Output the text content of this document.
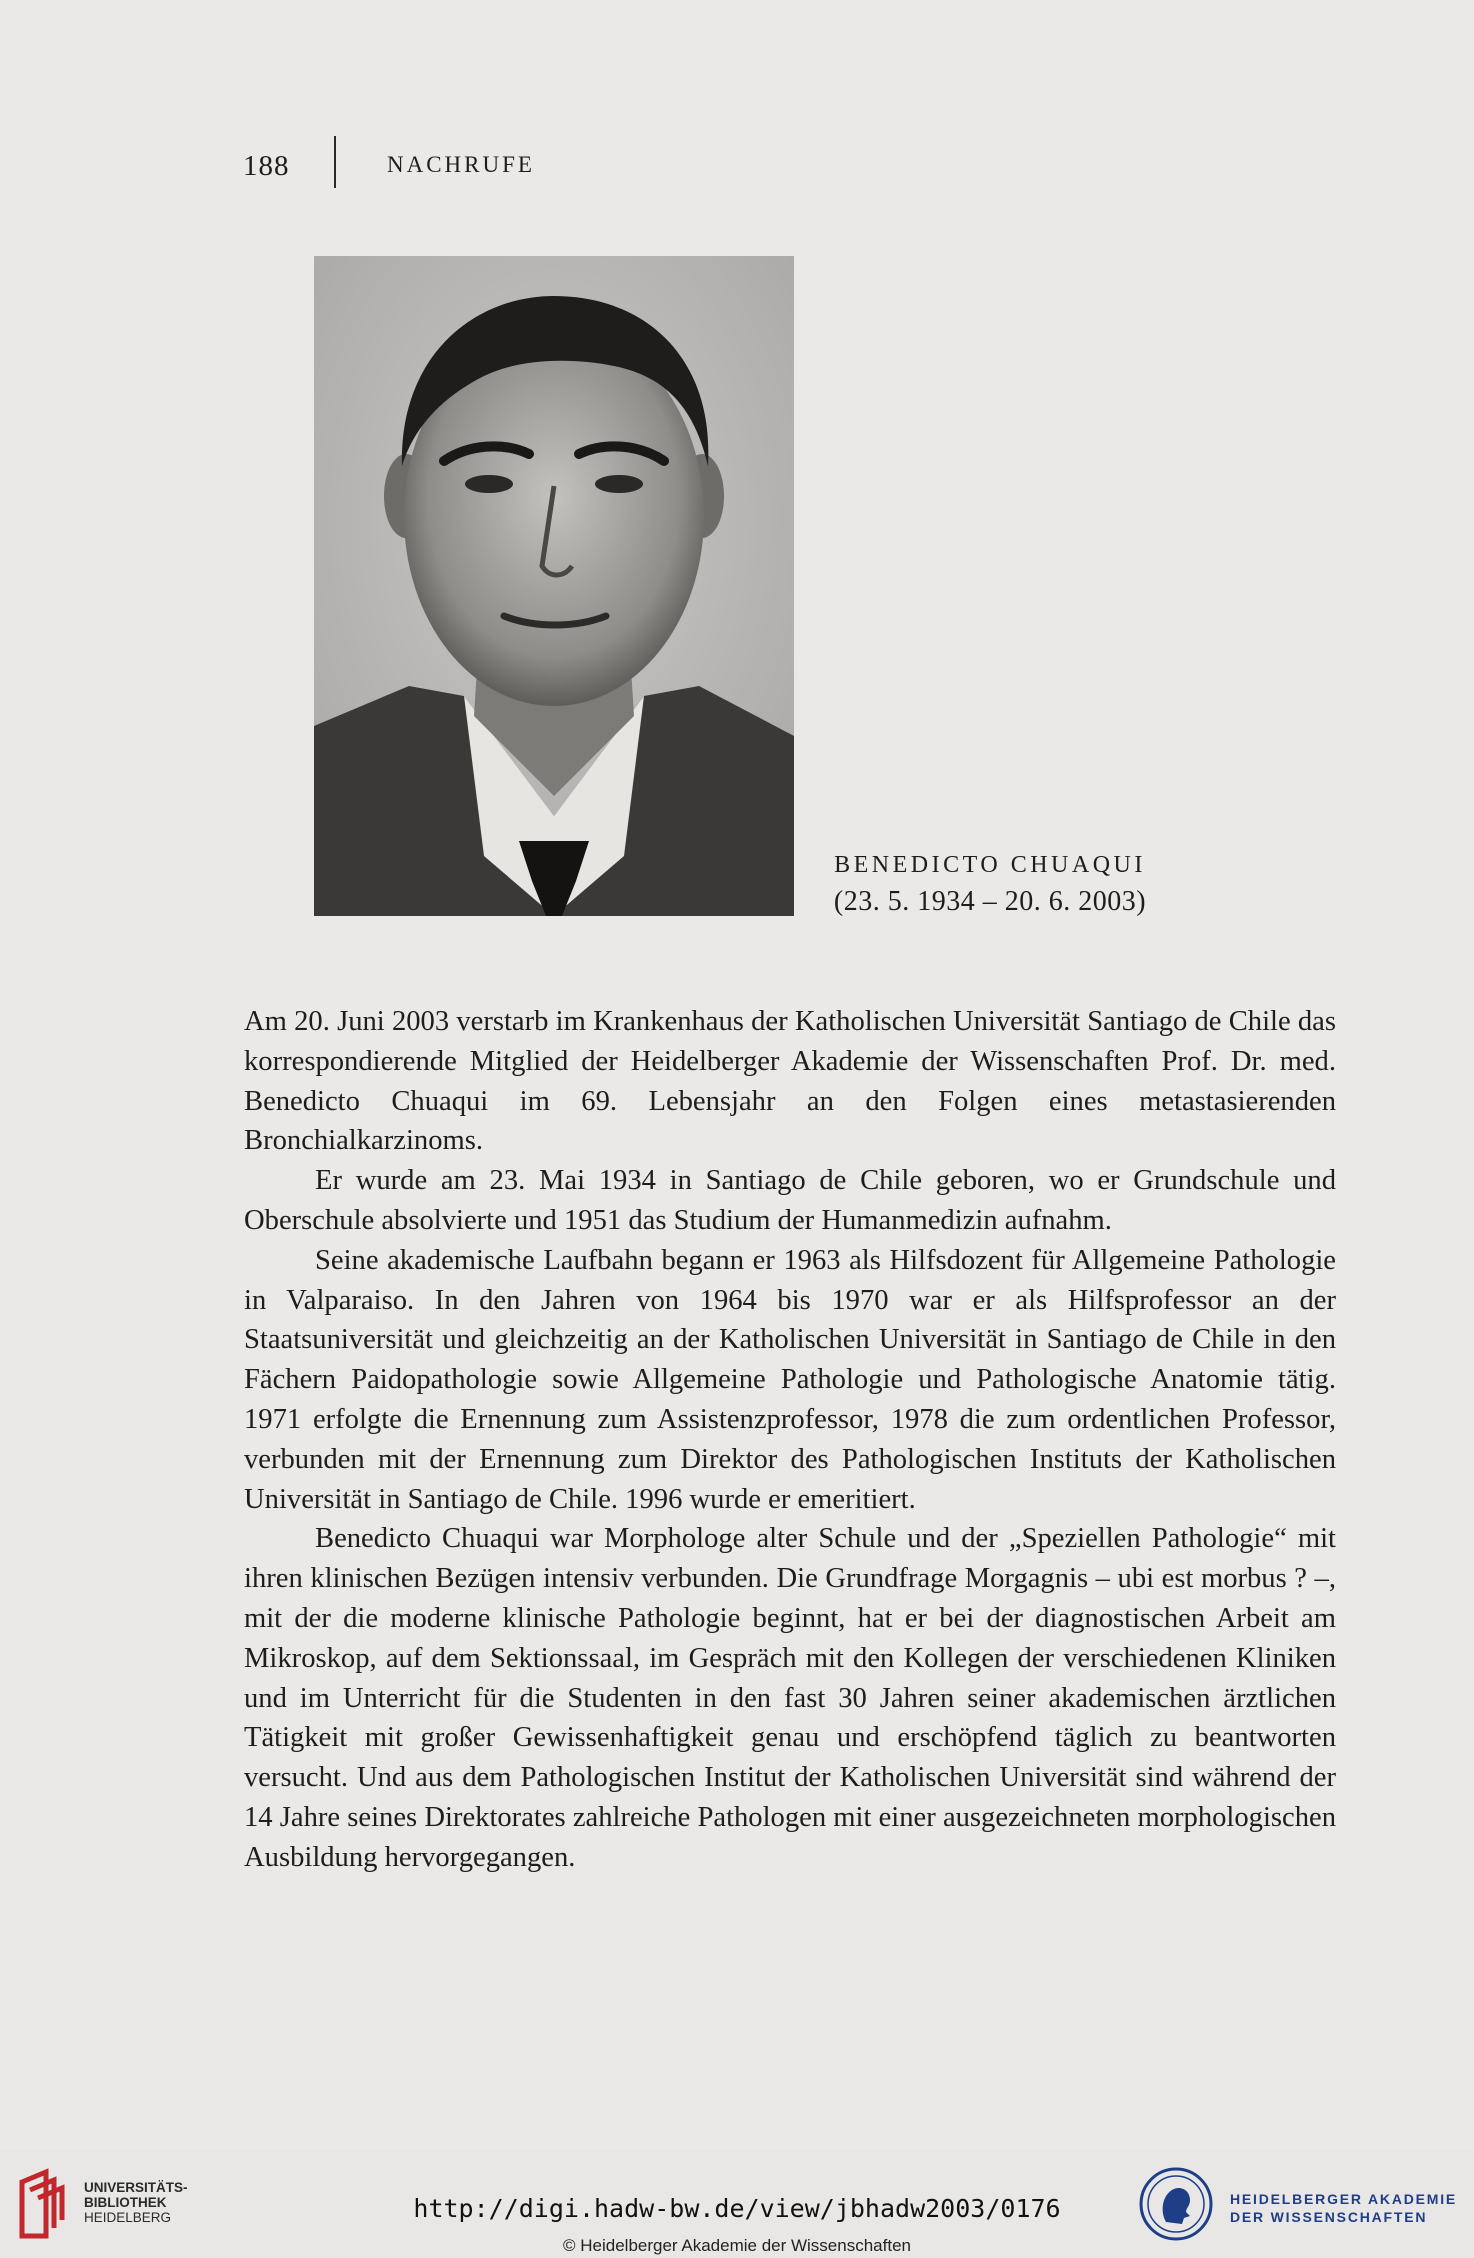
188	NACHRUFE
BENEDICTO CHUAQUI
(23. 5. 1934 – 20. 6. 2003)

Am 20. Juni 2003 verstarb im Krankenhaus der Katholischen Universität Santiago de Chile das korrespondierende Mitglied der Heidelberger Akademie der Wissenschaften Prof. Dr. med. Benedicto Chuaqui im 69. Lebensjahr an den Folgen eines metastasierenden Bronchialkarzinoms.

Er wurde am 23. Mai 1934 in Santiago de Chile geboren, wo er Grundschule und Oberschule absolvierte und 1951 das Studium der Humanmedizin aufnahm.

Seine akademische Laufbahn begann er 1963 als Hilfsdozent für Allgemeine Pathologie in Valparaiso. In den Jahren von 1964 bis 1970 war er als Hilfsprofessor an der Staatsuniversität und gleichzeitig an der Katholischen Universität in Santiago de Chile in den Fächern Paidopathologie sowie Allgemeine Pathologie und Pathologische Anatomie tätig. 1971 erfolgte die Ernennung zum Assistenzprofessor, 1978 die zum ordentlichen Professor, verbunden mit der Ernennung zum Direktor des Pathologischen Instituts der Katholischen Universität in Santiago de Chile. 1996 wurde er emeritiert.

Benedicto Chuaqui war Morphologe alter Schule und der „Speziellen Pathologie“ mit ihren klinischen Bezügen intensiv verbunden. Die Grundfrage Morgagnis – ubi est morbus ? –, mit der die moderne klinische Pathologie beginnt, hat er bei der diagnostischen Arbeit am Mikroskop, auf dem Sektionssaal, im Gespräch mit den Kollegen der verschiedenen Kliniken und im Unterricht für die Studenten in den fast 30 Jahren seiner akademischen ärztlichen Tätigkeit mit großer Gewissenhaftigkeit genau und erschöpfend täglich zu beantworten versucht. Und aus dem Pathologischen Institut der Katholischen Universität sind während der 14 Jahre seines Direktorates zahlreiche Pathologen mit einer ausgezeichneten morphologischen Ausbildung hervorgegangen.

UNIVERSITÄTS-
BIBLIOTHEK
HEIDELBERG	http://digi.hadw-bw.de/view/jbhadw2003/0176
© Heidelberger Akademie der Wissenschaften
HEIDELBERGER AKADEMIE
DER WISSENSCHAFTEN
